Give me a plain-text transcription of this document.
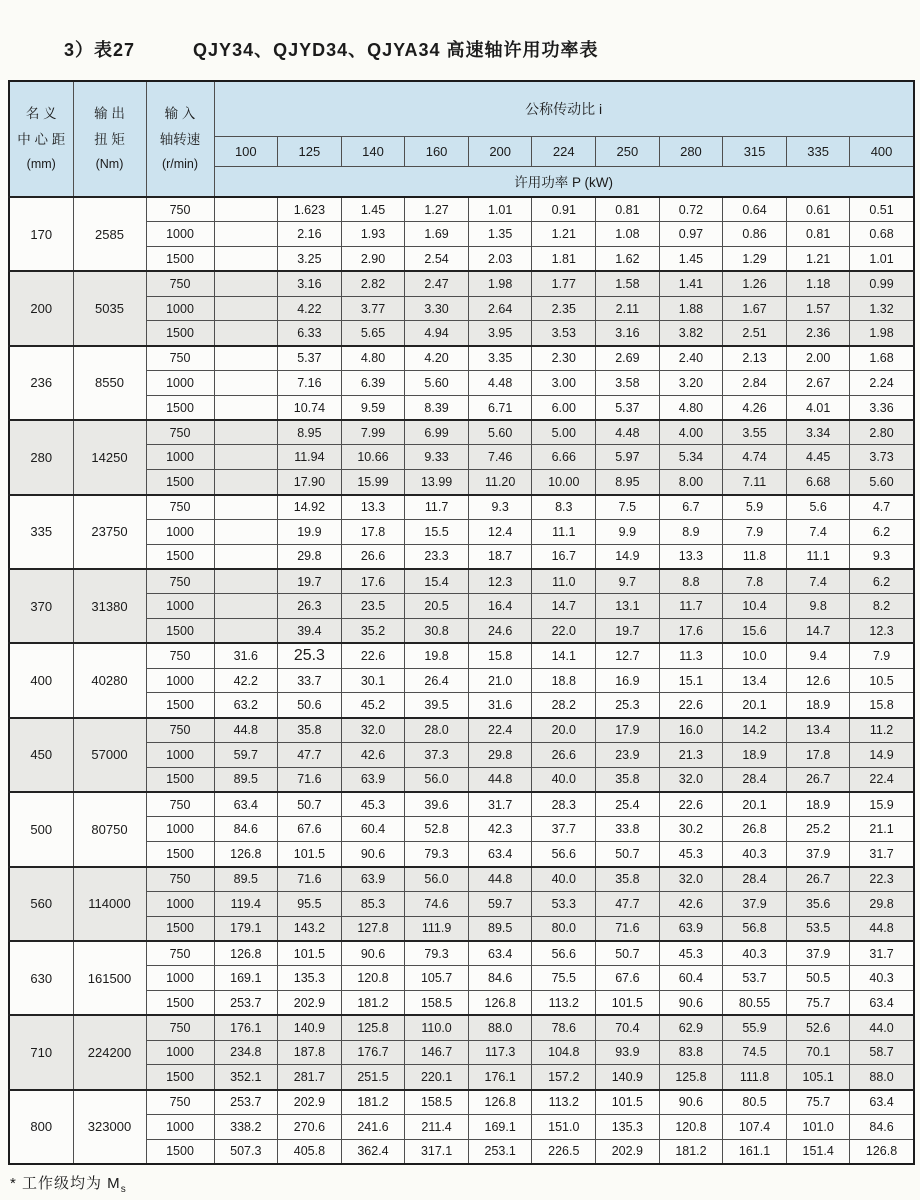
3）表27	QJY34、QJYD34、QJYA34 高速轴许用功率表
名 义
中 心 距
(mm)

输 出
扭 矩
(Nm)

输 入
轴转速
(r/min)
	公称传动比 i
			100	125	140	160	200	224	250	280	315	335	400
			许用功率 P (kW)										
170	2585	750		1.623	1.45	1.27	1.01	0.91	0.81	0.72	0.64	0.61	0.51
		1000		2.16	1.93	1.69	1.35	1.21	1.08	0.97	0.86	0.81	0.68
		1500		3.25	2.90	2.54	2.03	1.81	1.62	1.45	1.29	1.21	1.01
200	5035	750		3.16	2.82	2.47	1.98	1.77	1.58	1.41	1.26	1.18	0.99
		1000		4.22	3.77	3.30	2.64	2.35	2.11	1.88	1.67	1.57	1.32
		1500		6.33	5.65	4.94	3.95	3.53	3.16	3.82	2.51	2.36	1.98
236	8550	750		5.37	4.80	4.20	3.35	2.30	2.69	2.40	2.13	2.00	1.68
		1000		7.16	6.39	5.60	4.48	3.00	3.58	3.20	2.84	2.67	2.24
		1500		10.74	9.59	8.39	6.71	6.00	5.37	4.80	4.26	4.01	3.36
280	14250	750		8.95	7.99	6.99	5.60	5.00	4.48	4.00	3.55	3.34	2.80
		1000		11.94	10.66	9.33	7.46	6.66	5.97	5.34	4.74	4.45	3.73
		1500		17.90	15.99	13.99	11.20	10.00	8.95	8.00	7.11	6.68	5.60
335	23750	750		14.92	13.3	11.7	9.3	8.3	7.5	6.7	5.9	5.6	4.7
		1000		19.9	17.8	15.5	12.4	11.1	9.9	8.9	7.9	7.4	6.2
		1500		29.8	26.6	23.3	18.7	16.7	14.9	13.3	11.8	11.1	9.3
370	31380	750		19.7	17.6	15.4	12.3	11.0	9.7	8.8	7.8	7.4	6.2
		1000		26.3	23.5	20.5	16.4	14.7	13.1	11.7	10.4	9.8	8.2
		1500		39.4	35.2	30.8	24.6	22.0	19.7	17.6	15.6	14.7	12.3
400	40280	750	31.6	25.3	22.6	19.8	15.8	14.1	12.7	11.3	10.0	9.4	7.9
		1000	42.2	33.7	30.1	26.4	21.0	18.8	16.9	15.1	13.4	12.6	10.5
		1500	63.2	50.6	45.2	39.5	31.6	28.2	25.3	22.6	20.1	18.9	15.8
450	57000	750	44.8	35.8	32.0	28.0	22.4	20.0	17.9	16.0	14.2	13.4	11.2
		1000	59.7	47.7	42.6	37.3	29.8	26.6	23.9	21.3	18.9	17.8	14.9
		1500	89.5	71.6	63.9	56.0	44.8	40.0	35.8	32.0	28.4	26.7	22.4
500	80750	750	63.4	50.7	45.3	39.6	31.7	28.3	25.4	22.6	20.1	18.9	15.9
		1000	84.6	67.6	60.4	52.8	42.3	37.7	33.8	30.2	26.8	25.2	21.1
		1500	126.8	101.5	90.6	79.3	63.4	56.6	50.7	45.3	40.3	37.9	31.7
560	114000	750	89.5	71.6	63.9	56.0	44.8	40.0	35.8	32.0	28.4	26.7	22.3
		1000	119.4	95.5	85.3	74.6	59.7	53.3	47.7	42.6	37.9	35.6	29.8
		1500	179.1	143.2	127.8	111.9	89.5	80.0	71.6	63.9	56.8	53.5	44.8
630	161500	750	126.8	101.5	90.6	79.3	63.4	56.6	50.7	45.3	40.3	37.9	31.7
		1000	169.1	135.3	120.8	105.7	84.6	75.5	67.6	60.4	53.7	50.5	40.3
		1500	253.7	202.9	181.2	158.5	126.8	113.2	101.5	90.6	80.55	75.7	63.4
710	224200	750	176.1	140.9	125.8	110.0	88.0	78.6	70.4	62.9	55.9	52.6	44.0
		1000	234.8	187.8	176.7	146.7	117.3	104.8	93.9	83.8	74.5	70.1	58.7
		1500	352.1	281.7	251.5	220.1	176.1	157.2	140.9	125.8	111.8	105.1	88.0
800	323000	750	253.7	202.9	181.2	158.5	126.8	113.2	101.5	90.6	80.5	75.7	63.4
		1000	338.2	270.6	241.6	211.4	169.1	151.0	135.3	120.8	107.4	101.0	84.6
		1500	507.3	405.8	362.4	317.1	253.1	226.5	202.9	181.2	161.1	151.4	126.8
* 工作级均为 $M_s$
